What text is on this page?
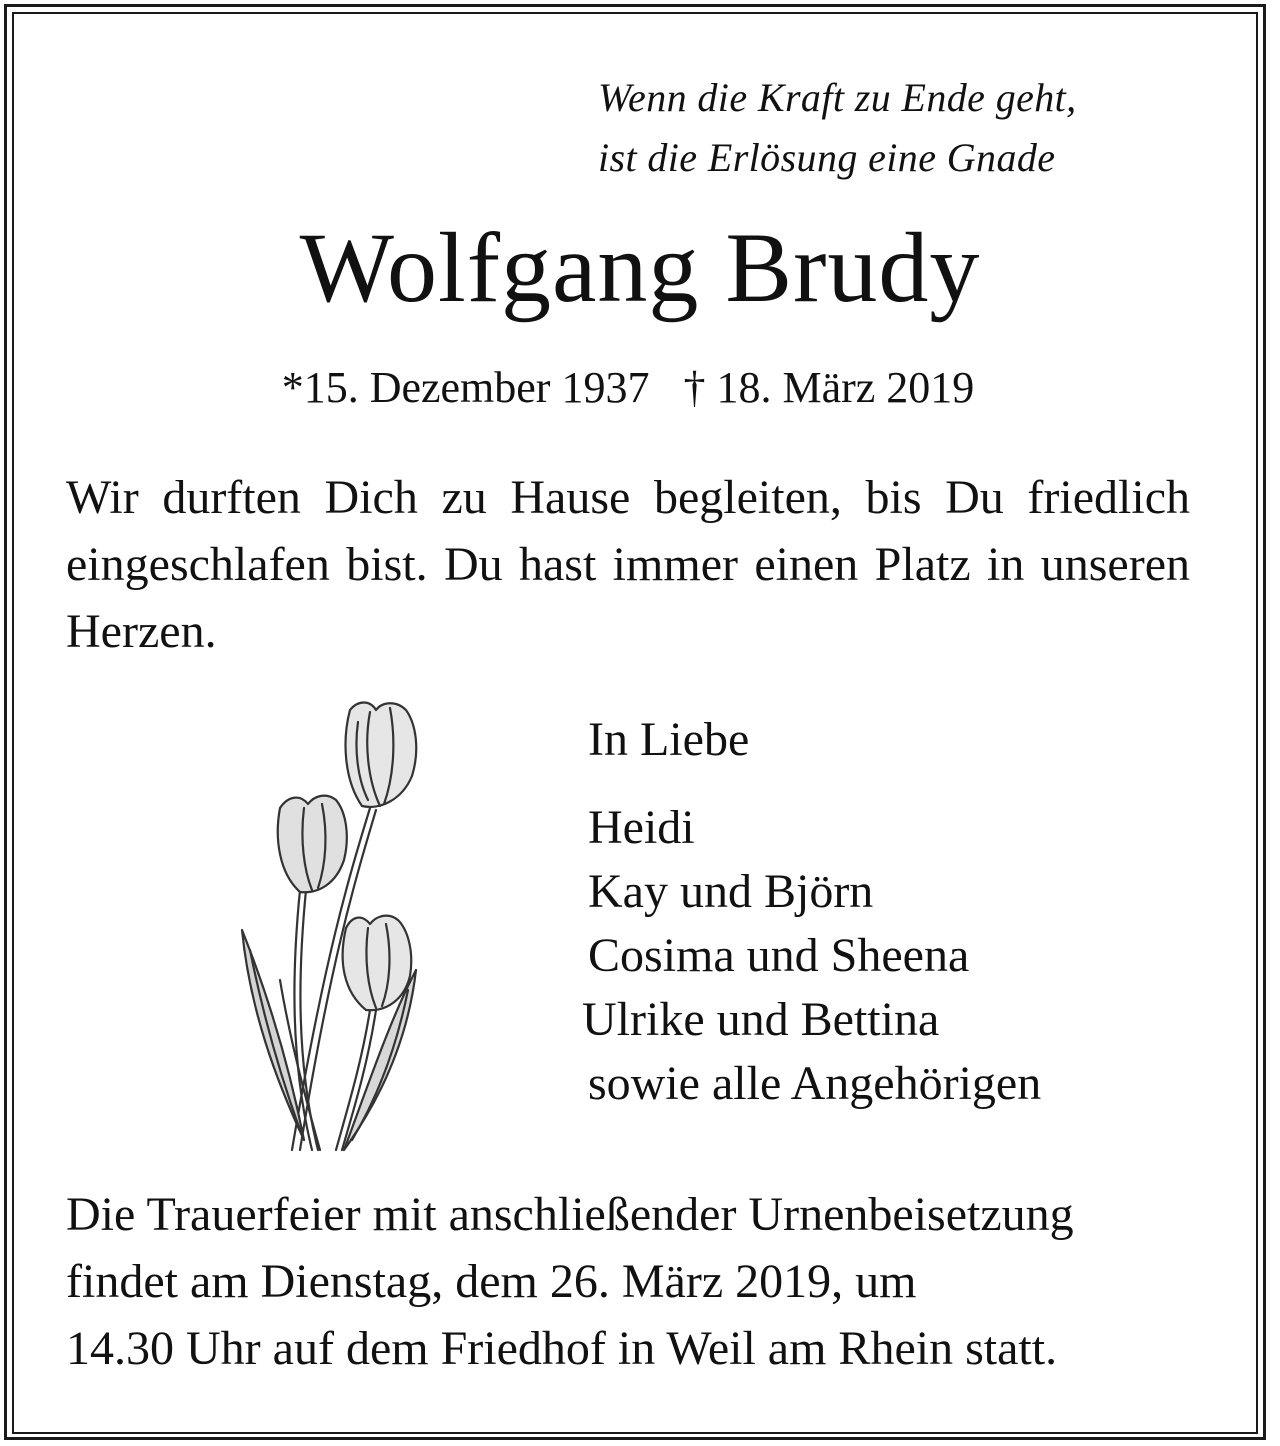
Wenn die Kraft zu Ende geht,
ist die Erlösung eine Gnade
Wolfgang Brudy
*15. Dezember 1937 † 18. März 2019
Wir durften Dich zu Hause begleiten, bis Du friedlich eingeschlafen bist. Du hast immer einen Platz in unseren Herzen.
In Liebe
Heidi
Kay und Björn
Cosima und Sheena
Ulrike und Bettina
sowie alle Angehörigen
Die Trauerfeier mit anschließender Urnenbeisetzung
findet am Dienstag, dem 26. März 2019, um
14.30 Uhr auf dem Friedhof in Weil am Rhein statt.
